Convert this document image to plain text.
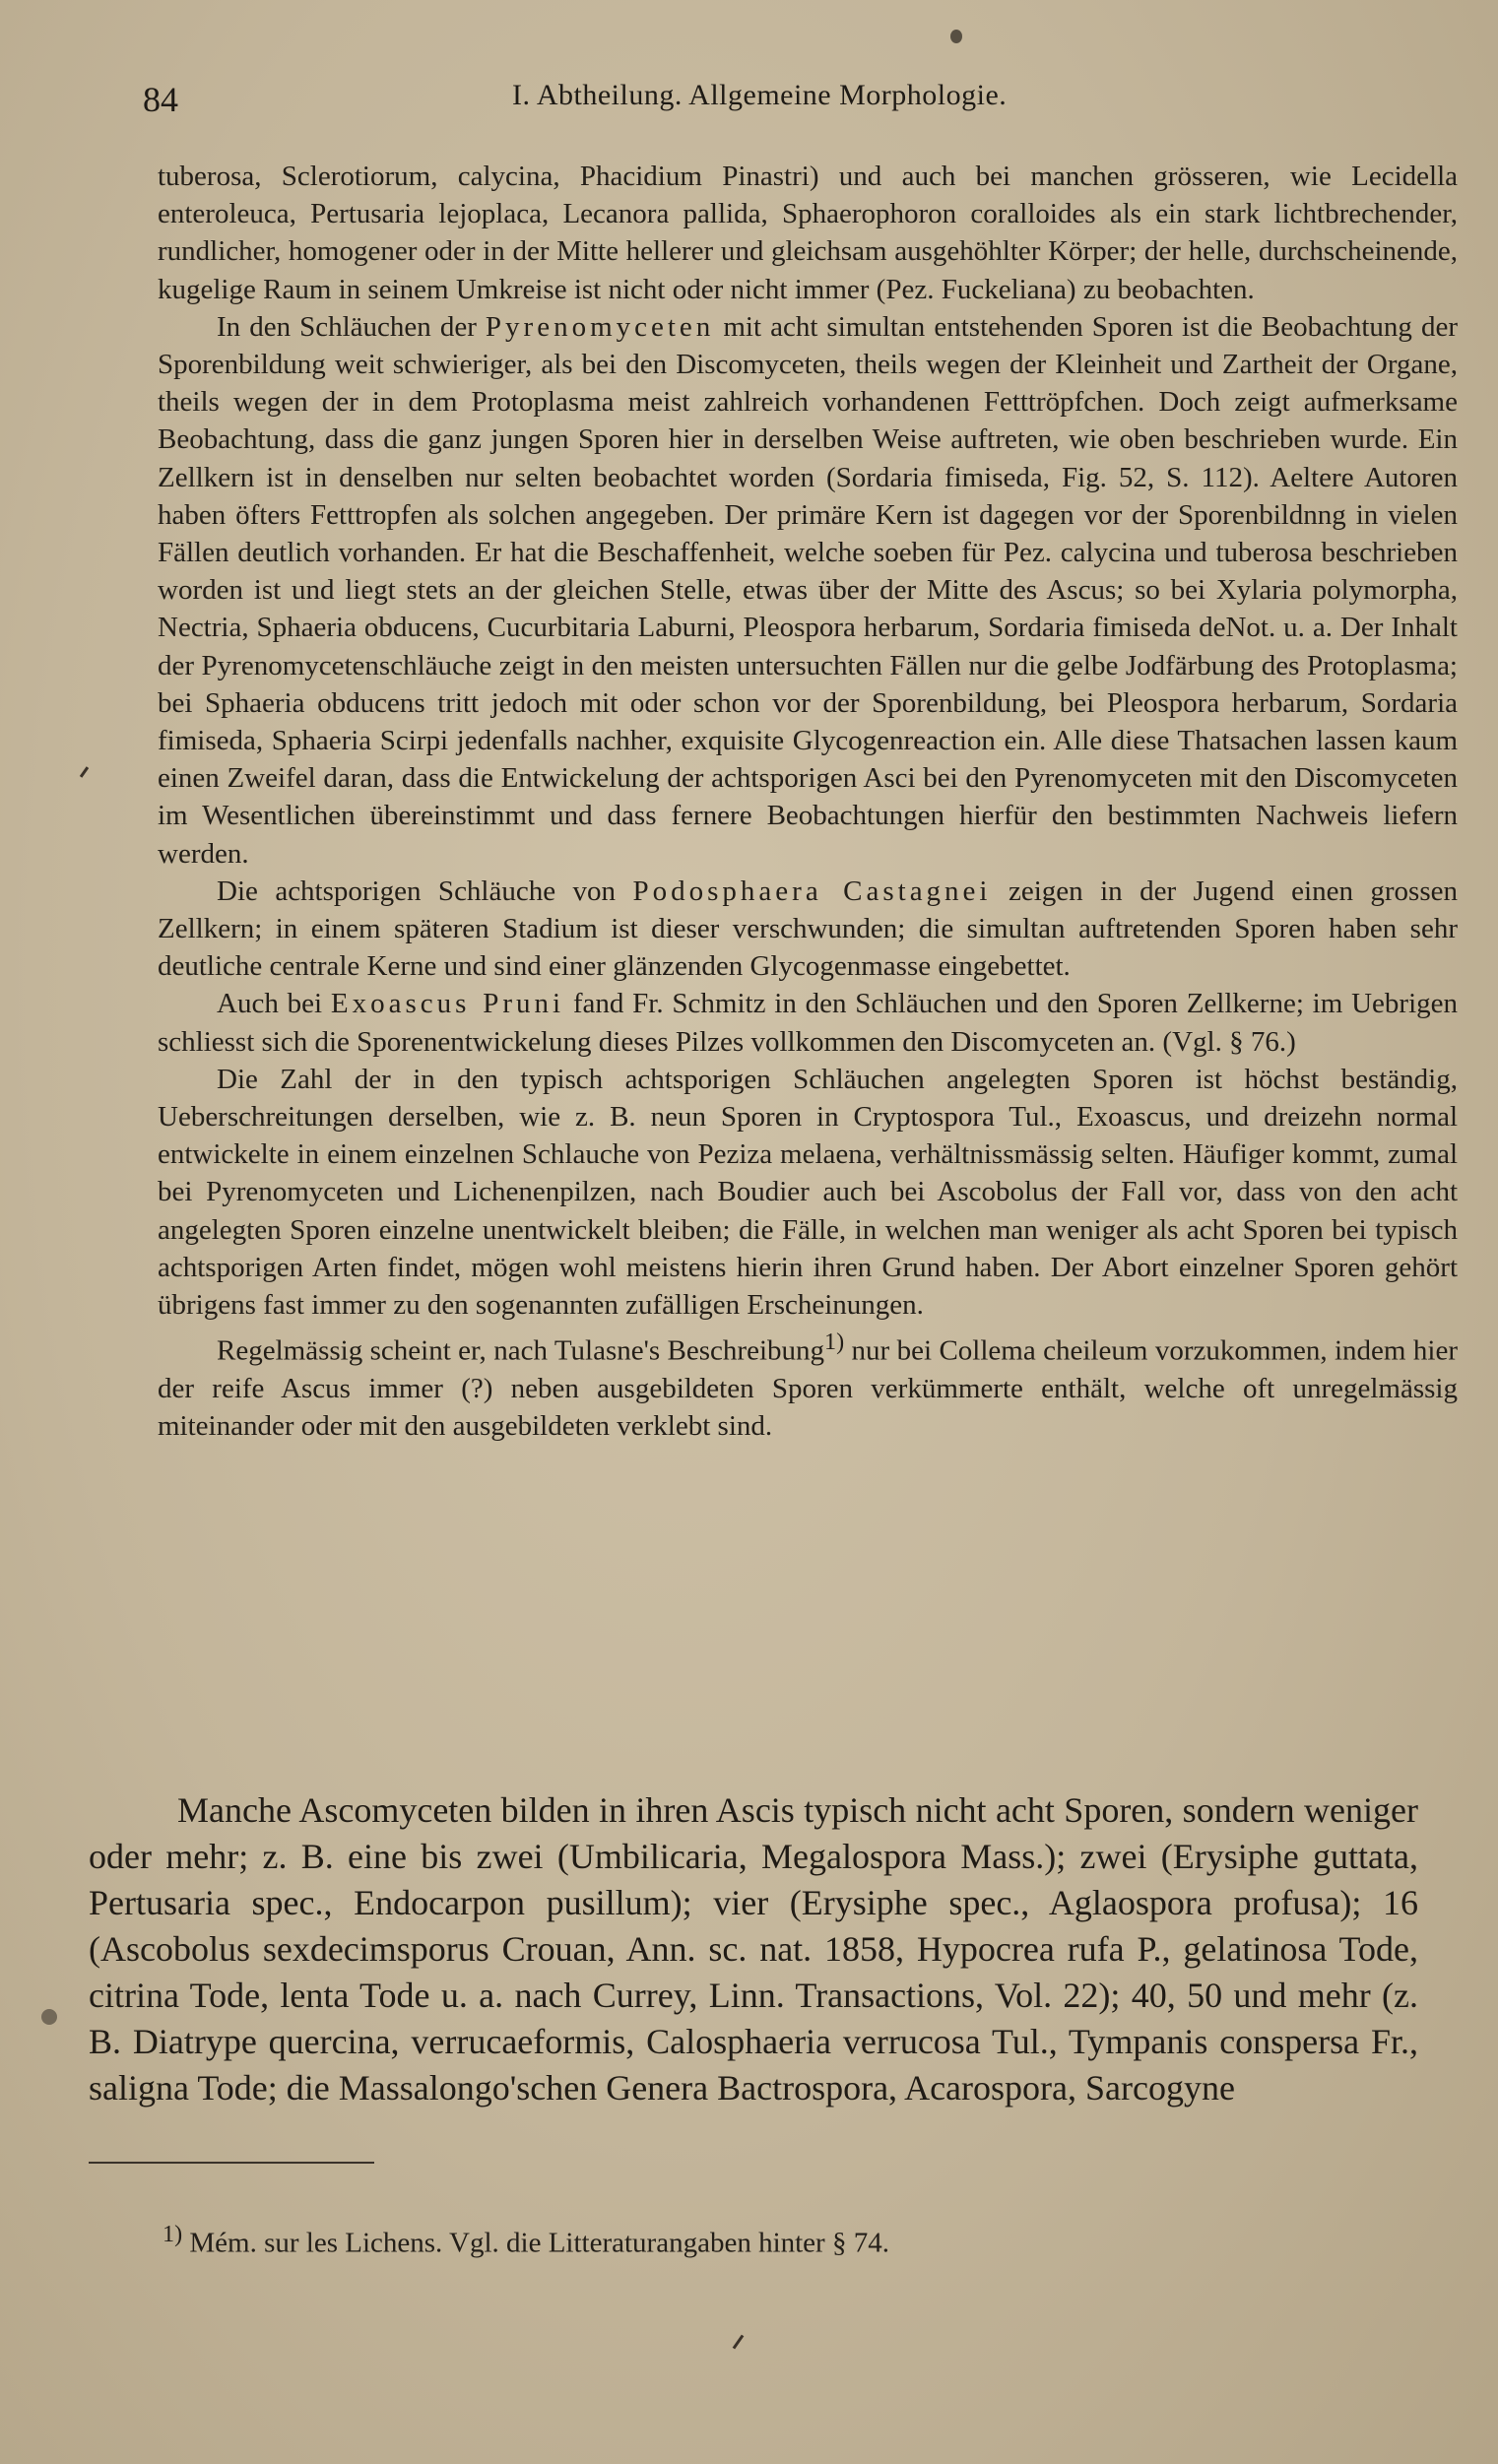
84	I. Abtheilung. Allgemeine Morphologie.

tuberosa, Sclerotiorum, calycina, Phacidium Pinastri) und auch bei manchen grösseren, wie Lecidella enteroleuca, Pertusaria lejoplaca, Lecanora pallida, Sphaerophoron coralloides als ein stark lichtbrechender, rundlicher, homogener oder in der Mitte hellerer und gleichsam ausgehöhlter Körper; der helle, durchscheinende, kugelige Raum in seinem Umkreise ist nicht oder nicht immer (Pez. Fuckeliana) zu beobachten.

In den Schläuchen der Pyrenomyceten mit acht simultan entstehenden Sporen ist die Beobachtung der Sporenbildung weit schwieriger, als bei den Discomyceten, theils wegen der Kleinheit und Zartheit der Organe, theils wegen der in dem Protoplasma meist zahlreich vorhandenen Fetttröpfchen. Doch zeigt aufmerksame Beobachtung, dass die ganz jungen Sporen hier in derselben Weise auftreten, wie oben beschrieben wurde. Ein Zellkern ist in denselben nur selten beobachtet worden (Sordaria fimiseda, Fig. 52, S. 112). Aeltere Autoren haben öfters Fetttropfen als solchen angegeben. Der primäre Kern ist dagegen vor der Sporenbildnng in vielen Fällen deutlich vorhanden. Er hat die Beschaffenheit, welche soeben für Pez. calycina und tuberosa beschrieben worden ist und liegt stets an der gleichen Stelle, etwas über der Mitte des Ascus; so bei Xylaria polymorpha, Nectria, Sphaeria obducens, Cucurbitaria Laburni, Pleospora herbarum, Sordaria fimiseda deNot. u. a. Der Inhalt der Pyrenomycetenschläuche zeigt in den meisten untersuchten Fällen nur die gelbe Jodfärbung des Protoplasma; bei Sphaeria obducens tritt jedoch mit oder schon vor der Sporenbildung, bei Pleospora herbarum, Sordaria fimiseda, Sphaeria Scirpi jedenfalls nachher, exquisite Glycogenreaction ein. Alle diese Thatsachen lassen kaum einen Zweifel daran, dass die Entwickelung der achtsporigen Asci bei den Pyrenomyceten mit den Discomyceten im Wesentlichen übereinstimmt und dass fernere Beobachtungen hierfür den bestimmten Nachweis liefern werden.

Die achtsporigen Schläuche von Podosphaera Castagnei zeigen in der Jugend einen grossen Zellkern; in einem späteren Stadium ist dieser verschwunden; die simultan auftretenden Sporen haben sehr deutliche centrale Kerne und sind einer glänzenden Glycogenmasse eingebettet.

Auch bei Exoascus Pruni fand Fr. Schmitz in den Schläuchen und den Sporen Zellkerne; im Uebrigen schliesst sich die Sporenentwickelung dieses Pilzes vollkommen den Discomyceten an. (Vgl. § 76.)

Die Zahl der in den typisch achtsporigen Schläuchen angelegten Sporen ist höchst beständig, Ueberschreitungen derselben, wie z. B. neun Sporen in Cryptospora Tul., Exoascus, und dreizehn normal entwickelte in einem einzelnen Schlauche von Peziza melaena, verhältnissmässig selten. Häufiger kommt, zumal bei Pyrenomyceten und Lichenenpilzen, nach Boudier auch bei Ascobolus der Fall vor, dass von den acht angelegten Sporen einzelne unentwickelt bleiben; die Fälle, in welchen man weniger als acht Sporen bei typisch achtsporigen Arten findet, mögen wohl meistens hierin ihren Grund haben. Der Abort einzelner Sporen gehört übrigens fast immer zu den sogenannten zufälligen Erscheinungen.

Regelmässig scheint er, nach Tulasne's Beschreibung$^{1)}$ nur bei Collema cheileum vorzukommen, indem hier der reife Ascus immer (?) neben ausgebildeten Sporen verkümmerte enthält, welche oft unregelmässig miteinander oder mit den ausgebildeten verklebt sind.

Manche Ascomyceten bilden in ihren Ascis typisch nicht acht Sporen, sondern weniger oder mehr; z. B. eine bis zwei (Umbilicaria, Megalospora Mass.); zwei (Erysiphe guttata, Pertusaria spec., Endocarpon pusillum); vier (Erysiphe spec., Aglaospora profusa); 16 (Ascobolus sexdecimsporus Crouan, Ann. sc. nat. 1858, Hypocrea rufa P., gelatinosa Tode, citrina Tode, lenta Tode u. a. nach Currey, Linn. Transactions, Vol. 22); 40, 50 und mehr (z. B. Diatrype quercina, verrucaeformis, Calosphaeria verrucosa Tul., Tympanis conspersa Fr., saligna Tode; die Massalongo'schen Genera Bactrospora, Acarospora, Sarcogyne

$^{1)}$ Mém. sur les Lichens. Vgl. die Litteraturangaben hinter § 74.
